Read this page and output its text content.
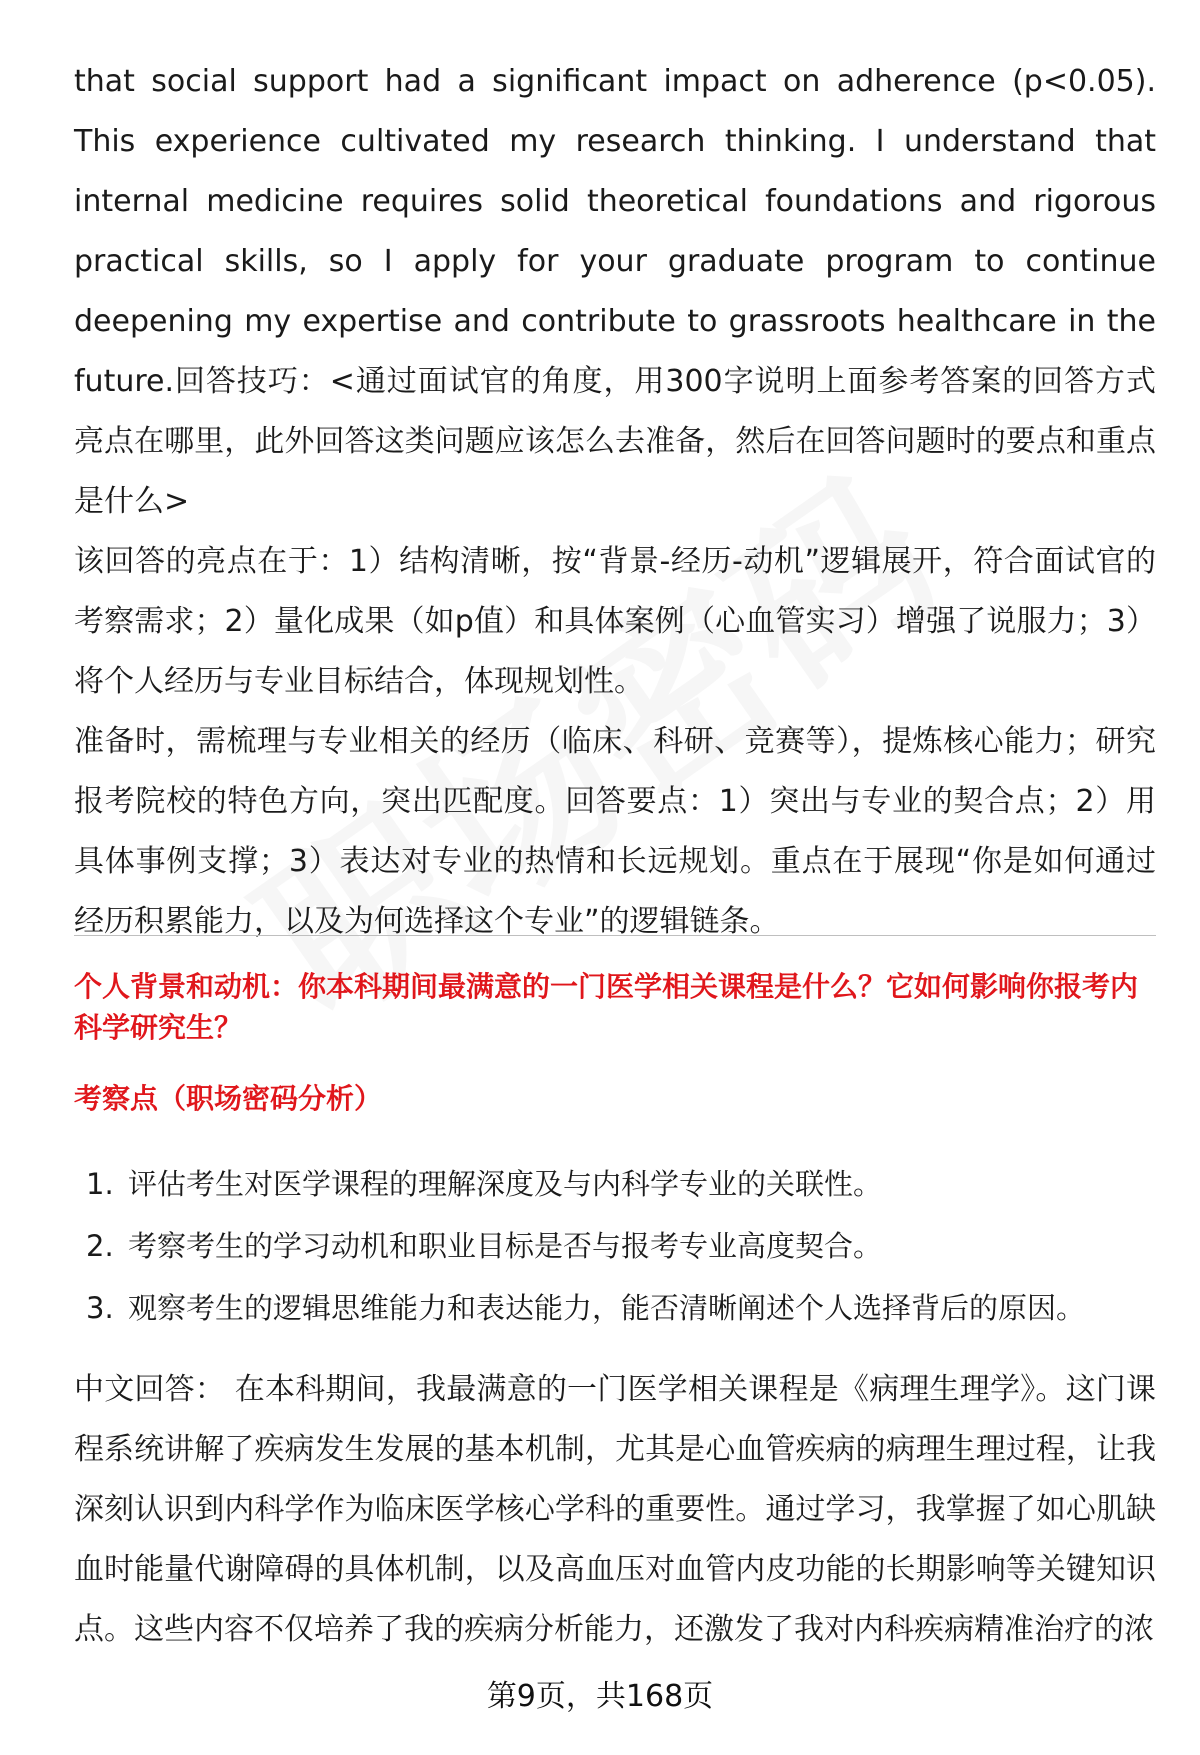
that social support had a significant impact on adherence (p<0.05). This experience cultivated my research thinking. I understand that internal medicine requires solid theoretical foundations and rigorous practical skills, so I apply for your graduate program to continue deepening my expertise and contribute to grassroots healthcare in the future.回答技巧：<通过面试官的角度，用300字说明上面参考答案的回答方式亮点在哪里，此外回答这类问题应该怎么去准备，然后在回答问题时的要点和重点是什么>

该回答的亮点在于：1）结构清晰，按“背景-经历-动机”逻辑展开，符合面试官的考察需求；2）量化成果（如p值）和具体案例（心血管实习）增强了说服力；3）将个人经历与专业目标结合，体现规划性。

准备时，需梳理与专业相关的经历（临床、科研、竞赛等），提炼核心能力；研究报考院校的特色方向，突出匹配度。回答要点：1）突出与专业的契合点；2）用具体事例支撑；3）表达对专业的热情和长远规划。重点在于展现“你是如何通过经历积累能力，以及为何选择这个专业”的逻辑链条。

个人背景和动机：你本科期间最满意的一门医学相关课程是什么？它如何影响你报考内科学研究生？
考察点（职场密码分析）
1. 评估考生对医学课程的理解深度及与内科学专业的关联性。
2. 考察考生的学习动机和职业目标是否与报考专业高度契合。
3. 观察考生的逻辑思维能力和表达能力，能否清晰阐述个人选择背后的原因。

中文回答： 在本科期间，我最满意的一门医学相关课程是《病理生理学》。这门课程系统讲解了疾病发生发展的基本机制，尤其是心血管疾病的病理生理过程，让我深刻认识到内科学作为临床医学核心学科的重要性。通过学习，我掌握了如心肌缺血时能量代谢障碍的具体机制，以及高血压对血管内皮功能的长期影响等关键知识点。这些内容不仅培养了我的疾病分析能力，还激发了我对内科疾病精准治疗的浓

第9页，共168页
